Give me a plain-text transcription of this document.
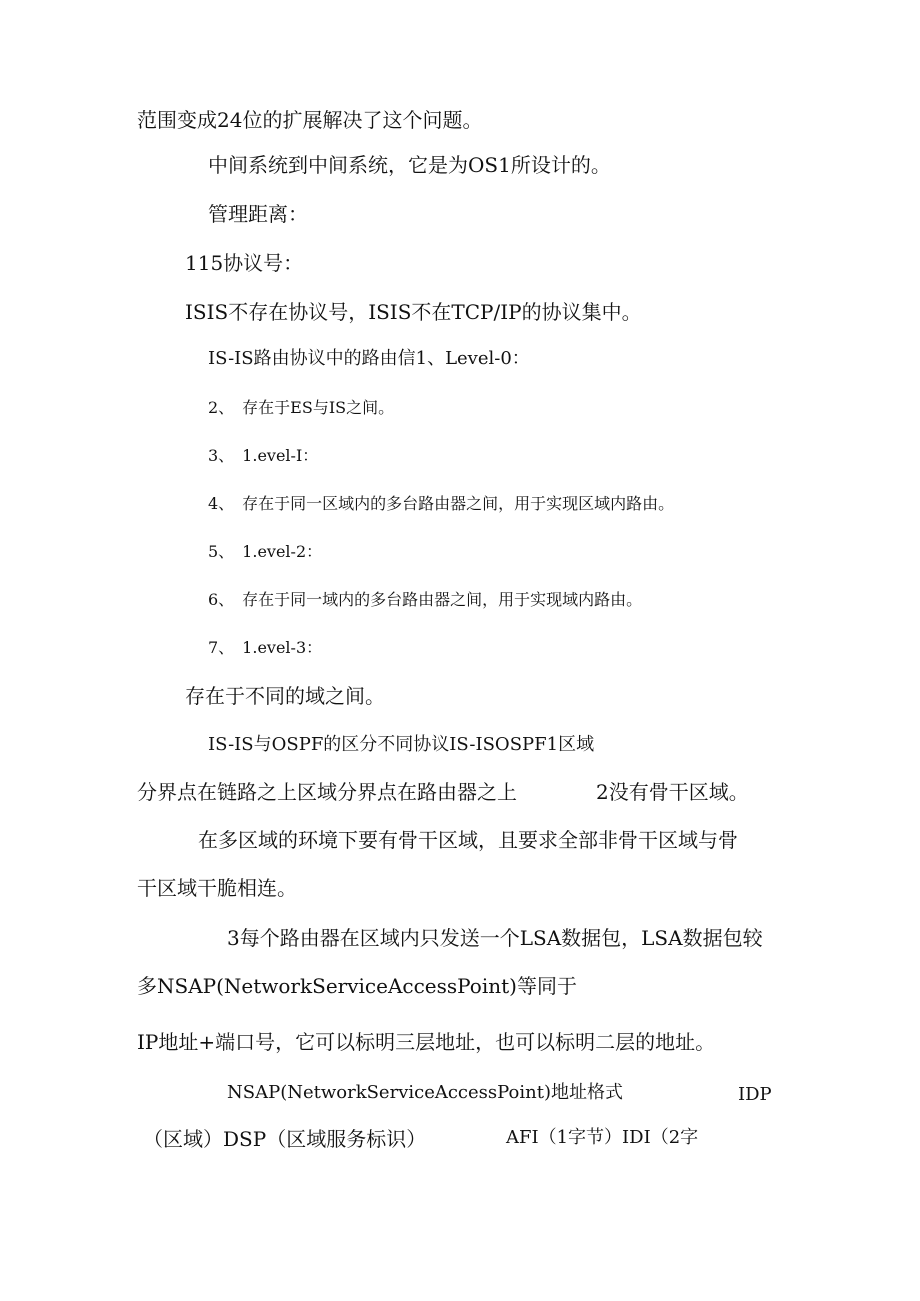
范围变成24位的扩展解决了这个问题。
中间系统到中间系统，它是为OS1所设计的。
管理距离：
115协议号：
ISIS不存在协议号，ISIS不在TCP/IP的协议集中。
IS-IS路由协议中的路由信1、Level-0：
2、　存在于ES与IS之间。
3、　1.evel-I：
4、　存在于同一区域内的多台路由器之间，用于实现区域内路由。
5、　1.evel-2：
6、　存在于同一域内的多台路由器之间，用于实现域内路由。
7、　1.evel-3：
存在于不同的域之间。
IS-IS与OSPF的区分不同协议IS-ISOSPF1区域
分界点在链路之上区域分界点在路由器之上	2没有骨干区域。
在多区域的环境下要有骨干区域，且要求全部非骨干区域与骨
干区域干脆相连。
3每个路由器在区域内只发送一个LSA数据包，LSA数据包较
多NSAP(NetworkServiceAccessPoint)等同于
IP地址+端口号，它可以标明三层地址，也可以标明二层的地址。
NSAP(NetworkServiceAccessPoint)地址格式	IDP
（区域）DSP（区域服务标识）	AFI（1字节）IDI（2字
